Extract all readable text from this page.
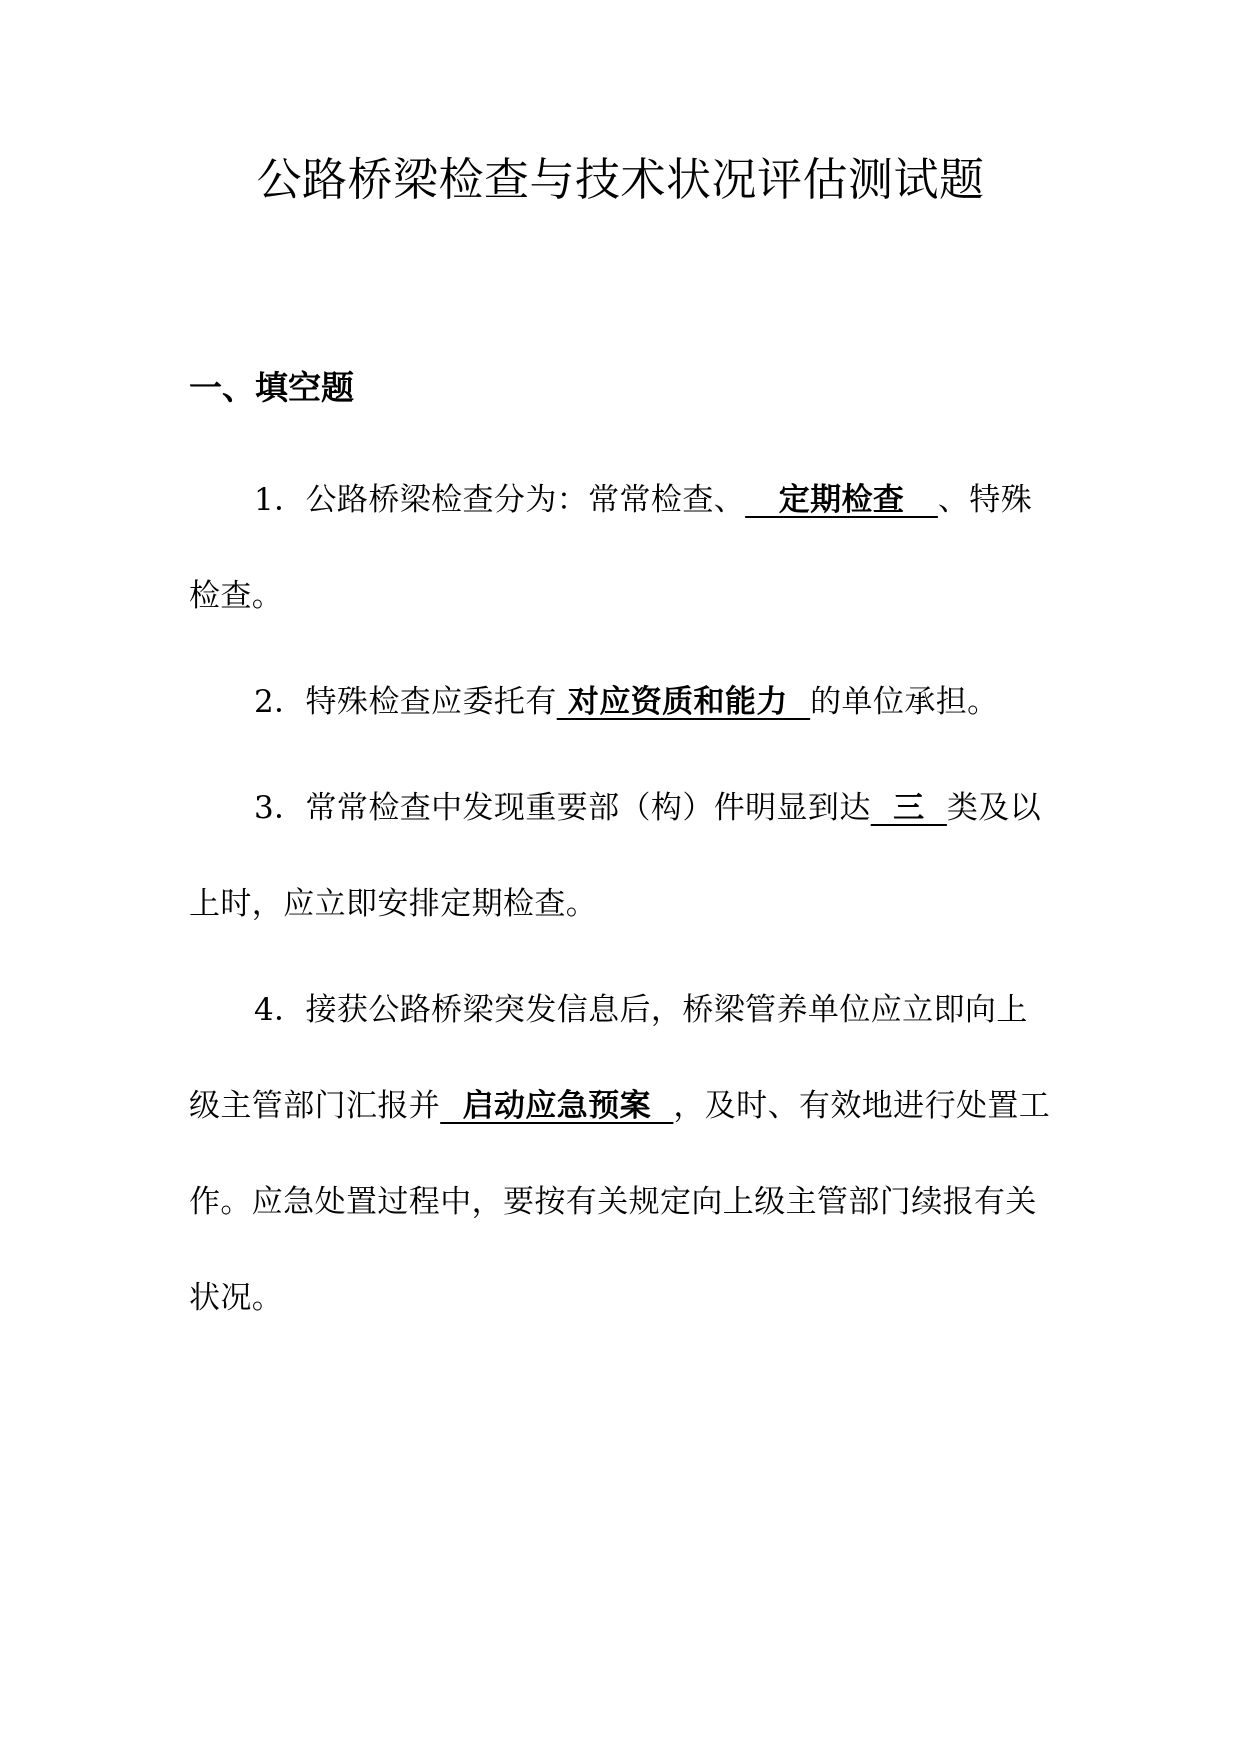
公路桥梁检查与技术状况评估测试题
一、填空题

1．公路桥梁检查分为：常常检查、   定期检查   、特殊检查。

2．特殊检查应委托有 对应资质和能力  的单位承担。

3．常常检查中发现重要部（构）件明显到达  三  类及以上时，应立即安排定期检查。

4．接获公路桥梁突发信息后，桥梁管养单位应立即向上级主管部门汇报并  启动应急预案  ，及时、有效地进行处置工作。应急处置过程中，要按有关规定向上级主管部门续报有关状况。
